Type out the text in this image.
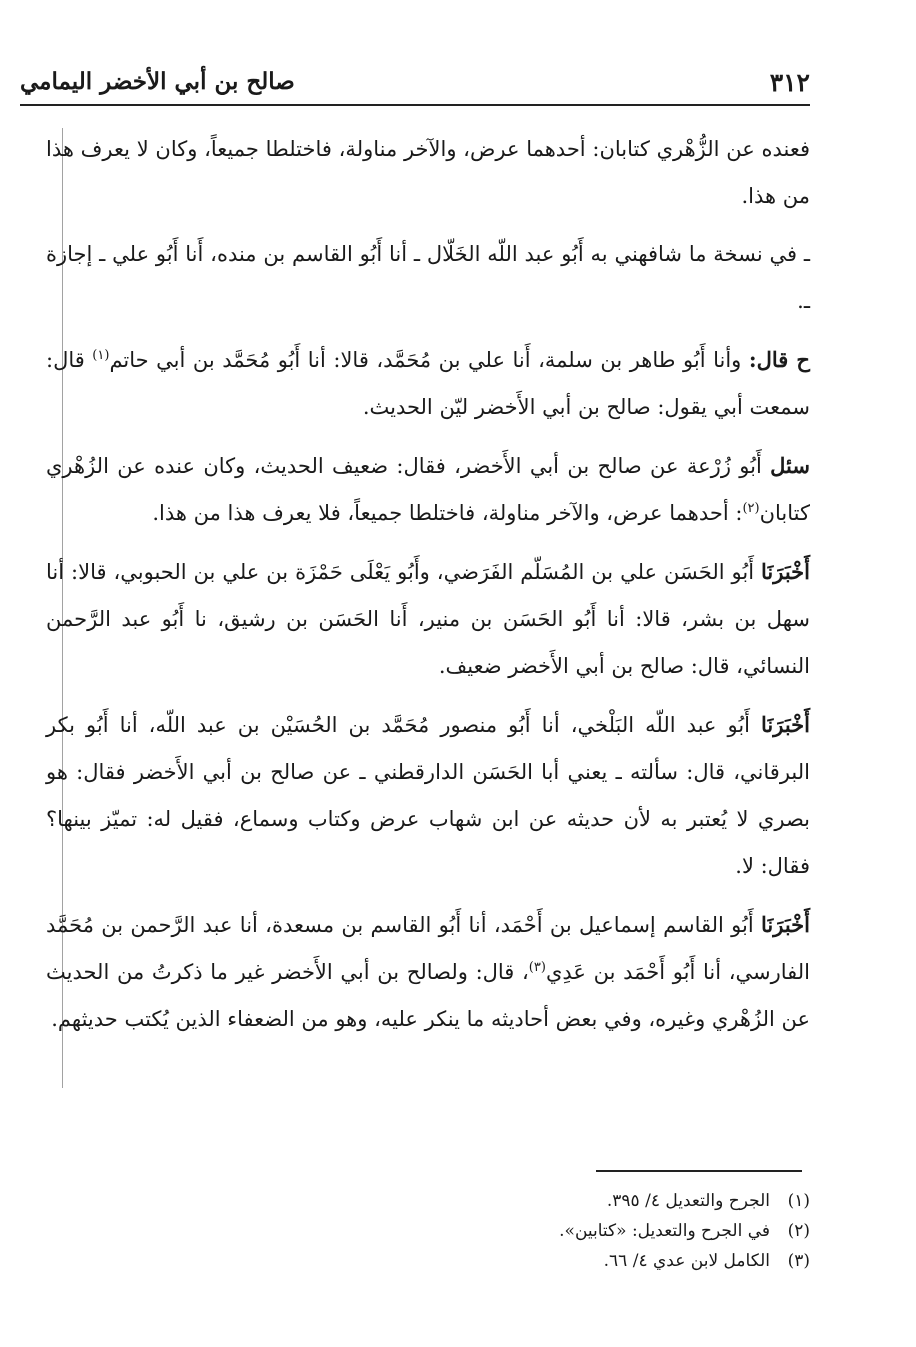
٣١٢
صالح بن أبي الأخضر اليمامي

فعنده عن الزُّهْري كتابان: أحدهما عرض، والآخر مناولة، فاختلطا جميعاً، وكان لا يعرف هذا من هذا.

ـ في نسخة ما شافهني به أَبُو عبد اللّه الخَلّال ـ أنا أَبُو القاسم بن منده، أَنا أَبُو علي ـ إجازة ـ.

ح قال: وأنا أَبُو طاهر بن سلمة، أَنا علي بن مُحَمَّد، قالا: أنا أَبُو مُحَمَّد بن أبي حاتم$^{(١)}$ قال: سمعت أبي يقول: صالح بن أبي الأَخضر ليّن الحديث.

سئل أَبُو زُرْعة عن صالح بن أبي الأَخضر، فقال: ضعيف الحديث، وكان عنده عن الزُهْري كتابان$^{(٢)}$: أحدهما عرض، والآخر مناولة، فاختلطا جميعاً، فلا يعرف هذا من هذا.

أَخْبَرَنَا أَبُو الحَسَن علي بن المُسَلّم الفَرَضي، وأَبُو يَعْلَى حَمْزَة بن علي بن الحبوبي، قالا: أنا سهل بن بشر، قالا: أنا أَبُو الحَسَن بن منير، أَنا الحَسَن بن رشيق، نا أَبُو عبد الرَّحمن النسائي، قال: صالح بن أبي الأَخضر ضعيف.

أَخْبَرَنَا أَبُو عبد اللّه البَلْخي، أنا أَبُو منصور مُحَمَّد بن الحُسَيْن بن عبد اللّه، أنا أَبُو بكر البرقاني، قال: سألته ـ يعني أبا الحَسَن الدارقطني ـ عن صالح بن أبي الأَخضر فقال: هو بصري لا يُعتبر به لأن حديثه عن ابن شهاب عرض وكتاب وسماع، فقيل له: تميّز بينها؟ فقال: لا.

أَخْبَرَنَا أَبُو القاسم إسماعيل بن أَحْمَد، أنا أَبُو القاسم بن مسعدة، أنا عبد الرَّحمن بن مُحَمَّد الفارسي، أنا أَبُو أَحْمَد بن عَدِي$^{(٣)}$، قال: ولصالح بن أبي الأَخضر غير ما ذكرتُ من الحديث عن الزُهْري وغيره، وفي بعض أحاديثه ما ينكر عليه، وهو من الضعفاء الذين يُكتب حديثهم.

(١)الجرح والتعديل ٤/ ٣٩٥.

(٢)في الجرح والتعديل: «كتابين».

(٣)الكامل لابن عدي ٤/ ٦٦.
